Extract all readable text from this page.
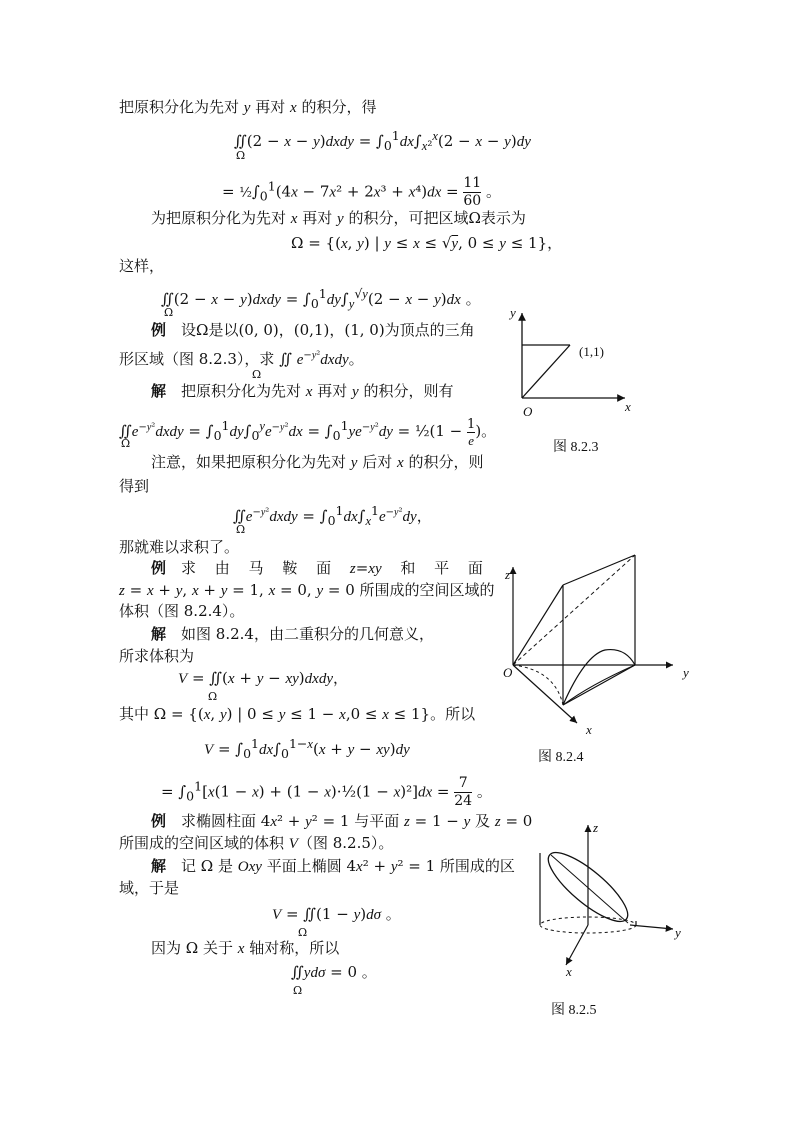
把原积分化为先对 y 再对 x 的积分，得
∬(2 − x − y)dxdy = $\int_0^1dx\int_{x^2}^x(2 - x - y)dy$
Ω
= $\frac{1}{2}\int_0^1(4x - 7x^2 + 2x^3 + x^4)dx = \frac{11}{60}$ 。
为把原积分化为先对 x 再对 y 的积分，可把区域Ω表示为
Ω = {(x, y) | y ≤ x ≤ √y, 0 ≤ y ≤ 1}，
这样，
∬(2 − x − y)dxdy = $\int_0^1dy\int_y^{√y}(2 - x - y)dx$ 。
Ω
例　设Ω是以(0, 0)，(0,1)，(1, 0)为顶点的三角
形区域（图 8.2.3），求 ∬ $e^{-y^2}dxdy$。
Ω
解　把原积分化为先对 x 再对 y 的积分，则有
$∬e^{-y^2}dxdy = \int_0^1dy\int_0^ye^{-y^2}dx = \int_0^1ye^{-y^2}dy$ = ½(1 − $\frac{1}{e}$ )。
Ω
注意，如果把原积分化为先对 y 后对 x 的积分，则
得到
$∬e^{-y^2}dxdy = \int_0^1dx\int_x^1e^{-y^2}dy$，
Ω
那就难以求积了。
例　求 由 马 鞍 面 z=xy 和 平 面
z = x + y, x + y = 1, x = 0, y = 0 所围成的空间区域的
体积（图 8.2.4）。
解　如图 8.2.4，由二重积分的几何意义，
所求体积为
V = ∬(x + y − xy)dxdy，
Ω
其中 Ω = {(x, y) | 0 ≤ y ≤ 1 − x,0 ≤ x ≤ 1}。所以
$V = \int_0^1dx\int_0^{1-x}(x + y - xy)dy$
= $\int_0^1[x(1 - x) + (1$ − x)·½(1 − $x)^2]dx = \frac{7}{24}$ 。
例　求椭圆柱面 4x² + y² = 1 与平面 z = 1 − y 及 z = 0
所围成的空间区域的体积 V（图 8.2.5）。
解　记 Ω 是 Oxy 平面上椭圆 4x² + y² = 1 所围成的区
域，于是
V = ∬(1 − y)dσ 。
Ω
因为 Ω 关于 x 轴对称，所以
∬ydσ = 0 。
Ω
y
x
O
(1,1)
图 8.2.3
z
y
x
O
图 8.2.4
z
y
x
图 8.2.5
